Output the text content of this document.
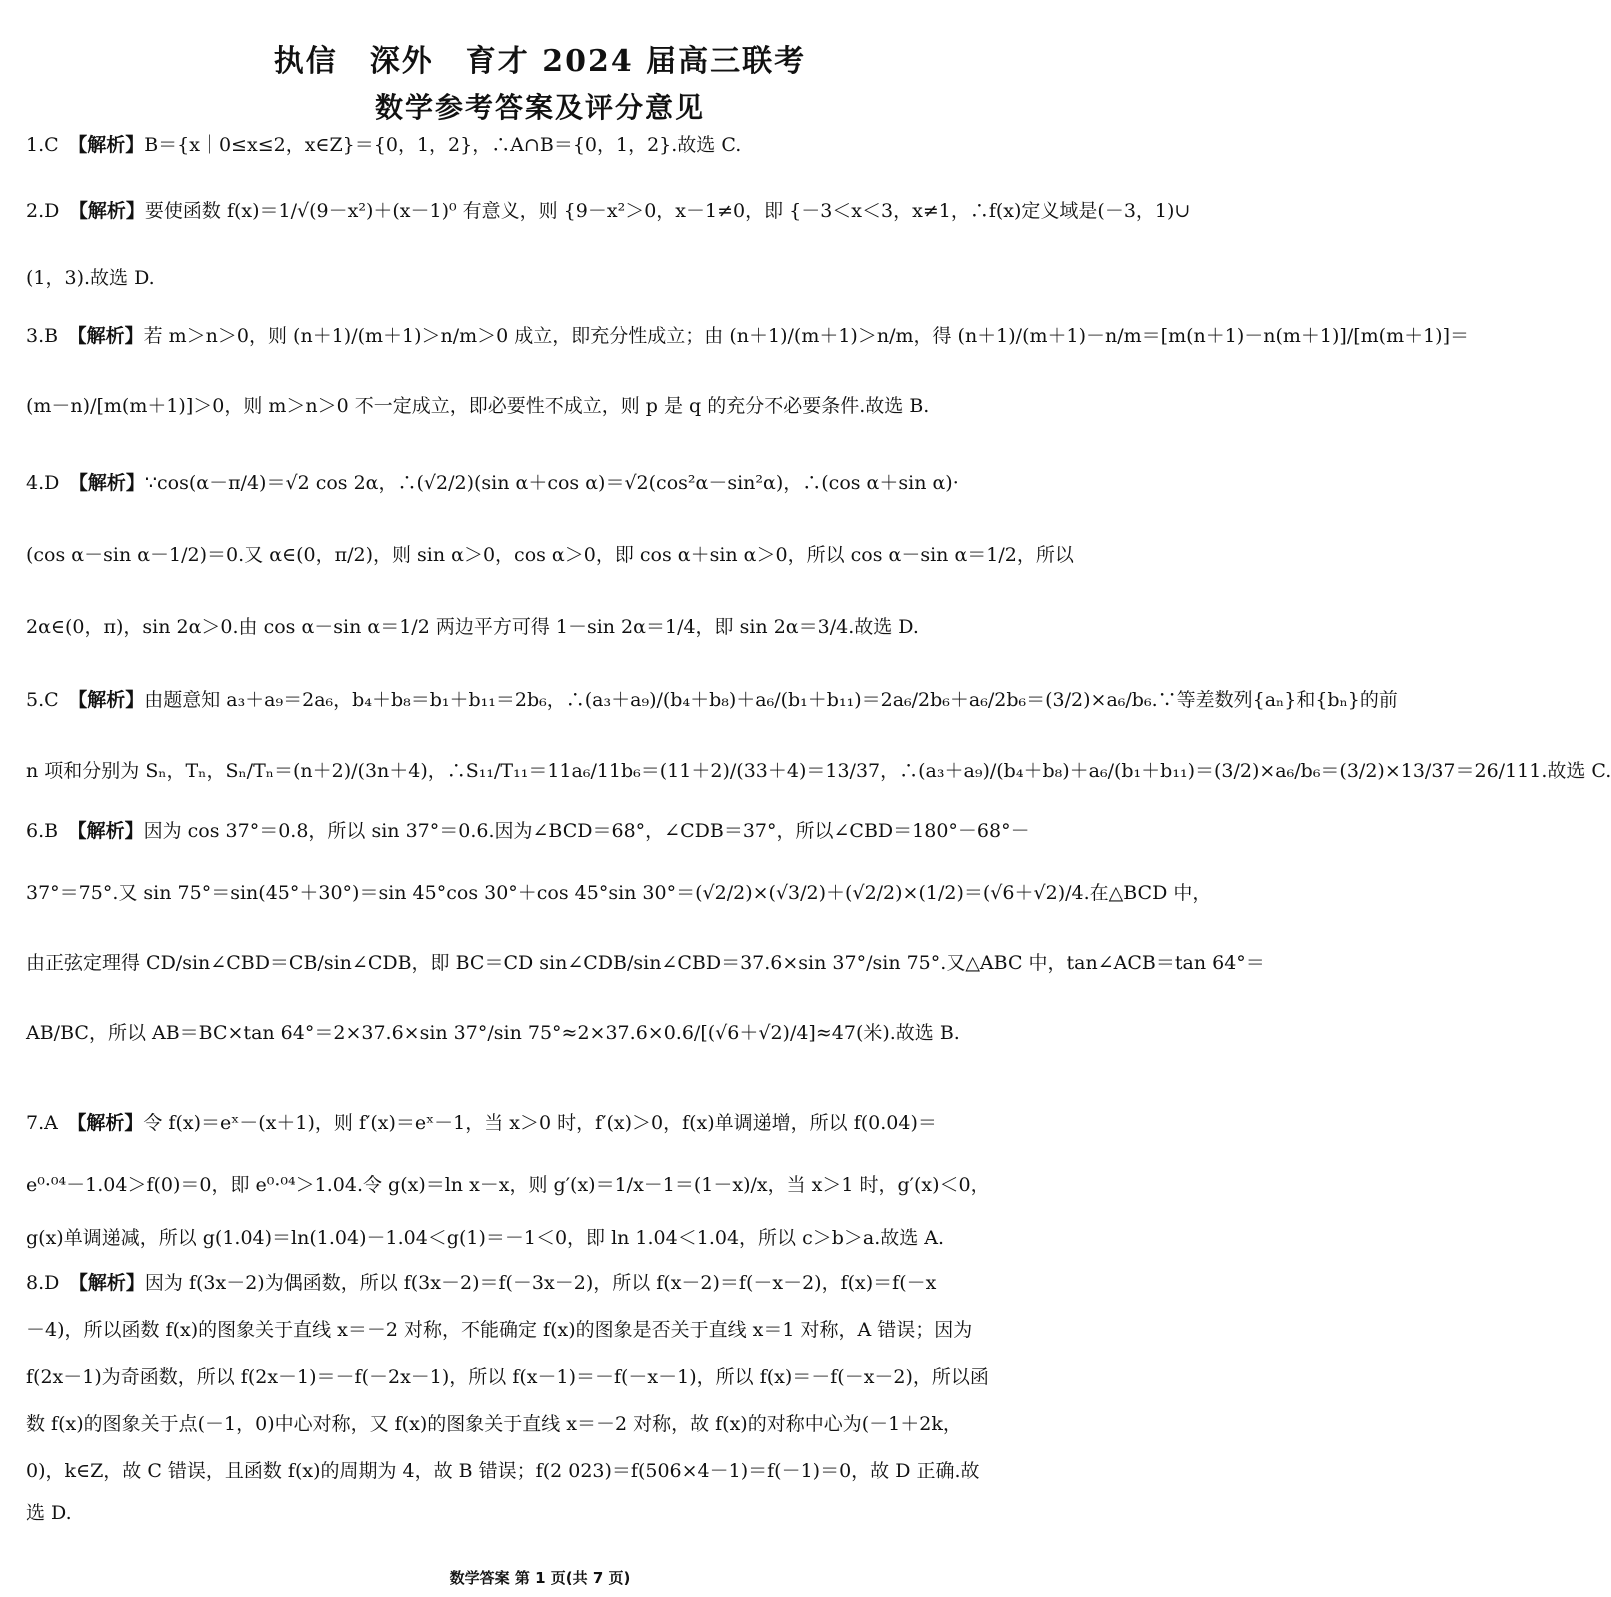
执信　深外　育才 2024 届高三联考
数学参考答案及评分意见
1.C　 【解析】B＝{x｜0≤x≤2，x∈Z}＝{0，1，2}，∴A∩B＝{0，1，2}.故选 C.
2.D　 【解析】要使函数 f(x)＝1/√(9－x²)＋(x－1)⁰ 有意义，则 {9－x²＞0，x－1≠0，即 {－3＜x＜3，x≠1，∴f(x)定义域是(－3，1)∪
(1，3).故选 D.
3.B　 【解析】若 m＞n＞0，则 (n＋1)/(m＋1)＞n/m＞0 成立，即充分性成立；由 (n＋1)/(m＋1)＞n/m，得 (n＋1)/(m＋1)－n/m＝[m(n＋1)－n(m＋1)]/[m(m＋1)]＝
(m－n)/[m(m＋1)]＞0，则 m＞n＞0 不一定成立，即必要性不成立，则 p 是 q 的充分不必要条件.故选 B.
4.D　 【解析】∵cos(α－π/4)＝√2 cos 2α，∴(√2/2)(sin α＋cos α)＝√2(cos²α－sin²α)，∴(cos α＋sin α)·
(cos α－sin α－1/2)＝0.又 α∈(0，π/2)，则 sin α＞0，cos α＞0，即 cos α＋sin α＞0，所以 cos α－sin α＝1/2，所以
2α∈(0，π)，sin 2α＞0.由 cos α－sin α＝1/2 两边平方可得 1－sin 2α＝1/4，即 sin 2α＝3/4.故选 D.
5.C　 【解析】由题意知 a₃＋a₉＝2a₆，b₄＋b₈＝b₁＋b₁₁＝2b₆，∴(a₃＋a₉)/(b₄＋b₈)＋a₆/(b₁＋b₁₁)＝2a₆/2b₆＋a₆/2b₆＝(3/2)×a₆/b₆.∵等差数列{aₙ}和{bₙ}的前
n 项和分别为 Sₙ，Tₙ，Sₙ/Tₙ＝(n＋2)/(3n＋4)，∴S₁₁/T₁₁＝11a₆/11b₆＝(11＋2)/(33＋4)＝13/37，∴(a₃＋a₉)/(b₄＋b₈)＋a₆/(b₁＋b₁₁)＝(3/2)×a₆/b₆＝(3/2)×13/37＝26/111.故选 C.
6.B　 【解析】因为 cos 37°＝0.8，所以 sin 37°＝0.6.因为∠BCD＝68°，∠CDB＝37°，所以∠CBD＝180°－68°－
37°＝75°.又 sin 75°＝sin(45°＋30°)＝sin 45°cos 30°＋cos 45°sin 30°＝(√2/2)×(√3/2)＋(√2/2)×(1/2)＝(√6＋√2)/4.在△BCD 中，
由正弦定理得 CD/sin∠CBD＝CB/sin∠CDB，即 BC＝CD sin∠CDB/sin∠CBD＝37.6×sin 37°/sin 75°.又△ABC 中，tan∠ACB＝tan 64°＝
AB/BC，所以 AB＝BC×tan 64°＝2×37.6×sin 37°/sin 75°≈2×37.6×0.6/[(√6＋√2)/4]≈47(米).故选 B.
7.A　 【解析】令 f(x)＝eˣ－(x＋1)，则 f′(x)＝eˣ－1，当 x＞0 时，f′(x)＞0，f(x)单调递增，所以 f(0.04)＝
e⁰·⁰⁴－1.04＞f(0)＝0，即 e⁰·⁰⁴＞1.04.令 g(x)＝ln x－x，则 g′(x)＝1/x－1＝(1－x)/x，当 x＞1 时，g′(x)＜0，
g(x)单调递减，所以 g(1.04)＝ln(1.04)－1.04＜g(1)＝－1＜0，即 ln 1.04＜1.04，所以 c＞b＞a.故选 A.
8.D　 【解析】因为 f(3x－2)为偶函数，所以 f(3x－2)＝f(－3x－2)，所以 f(x－2)＝f(－x－2)，f(x)＝f(－x
－4)，所以函数 f(x)的图象关于直线 x＝－2 对称，不能确定 f(x)的图象是否关于直线 x＝1 对称，A 错误；因为
f(2x－1)为奇函数，所以 f(2x－1)＝－f(－2x－1)，所以 f(x－1)＝－f(－x－1)，所以 f(x)＝－f(－x－2)，所以函
数 f(x)的图象关于点(－1，0)中心对称，又 f(x)的图象关于直线 x＝－2 对称，故 f(x)的对称中心为(－1＋2k，
0)，k∈Z，故 C 错误，且函数 f(x)的周期为 4，故 B 错误；f(2 023)＝f(506×4－1)＝f(－1)＝0，故 D 正确.故
选 D.
数学答案 第 1 页(共 7 页)
